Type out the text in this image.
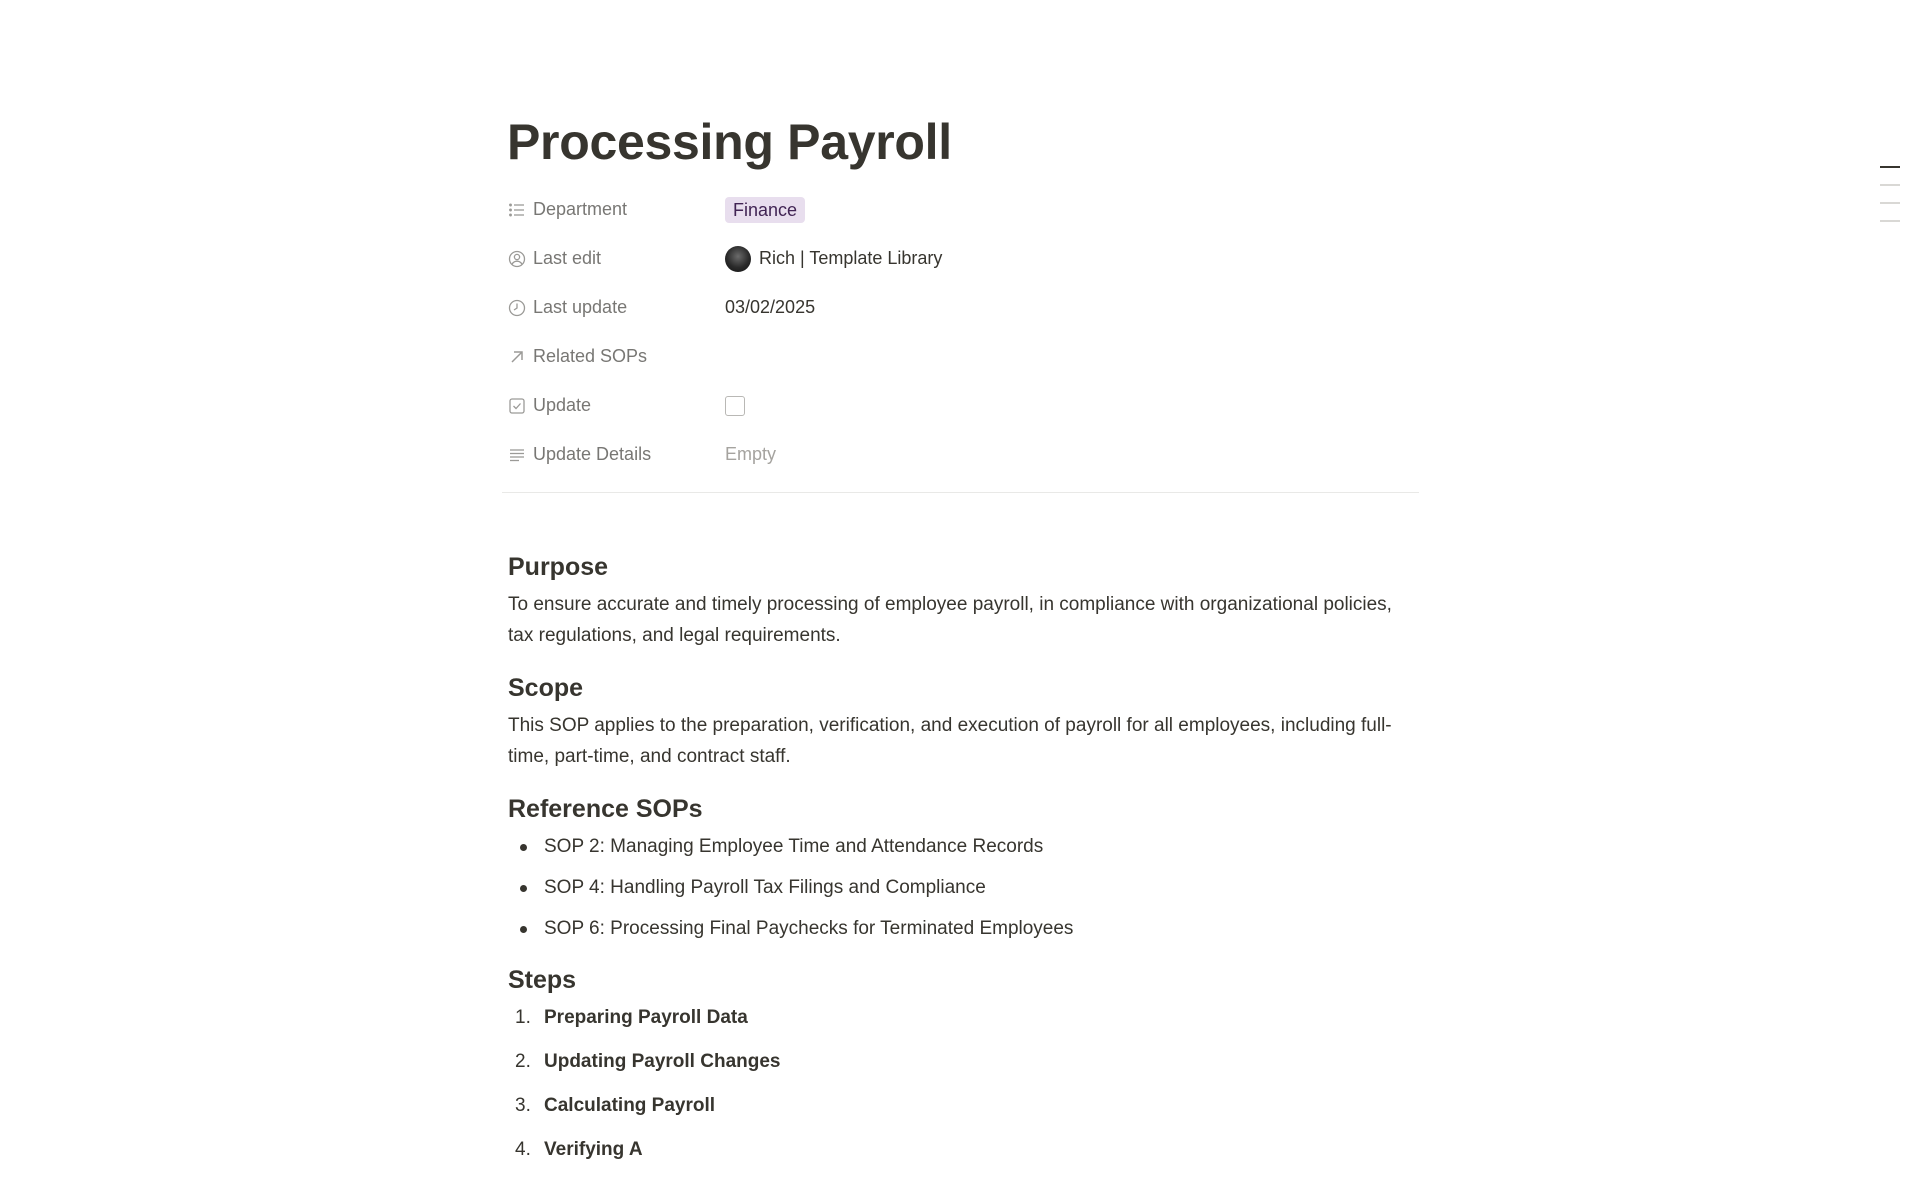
Processing Payroll
Department	Finance
Last edit	Rich | Template Library
Last update	03/02/2025
Related SOPs
Update
Update Details	Empty
Purpose

To ensure accurate and timely processing of employee payroll, in compliance with organizational policies, tax regulations, and legal requirements.

Scope

This SOP applies to the preparation, verification, and execution of payroll for all employees, including full-time, part-time, and contract staff.

Reference SOPs
SOP 2: Managing Employee Time and Attendance Records
SOP 4: Handling Payroll Tax Filings and Compliance
SOP 6: Processing Final Paychecks for Terminated Employees
Steps
1. Preparing Payroll Data
2. Updating Payroll Changes
3. Calculating Payroll
4. Verifying A
